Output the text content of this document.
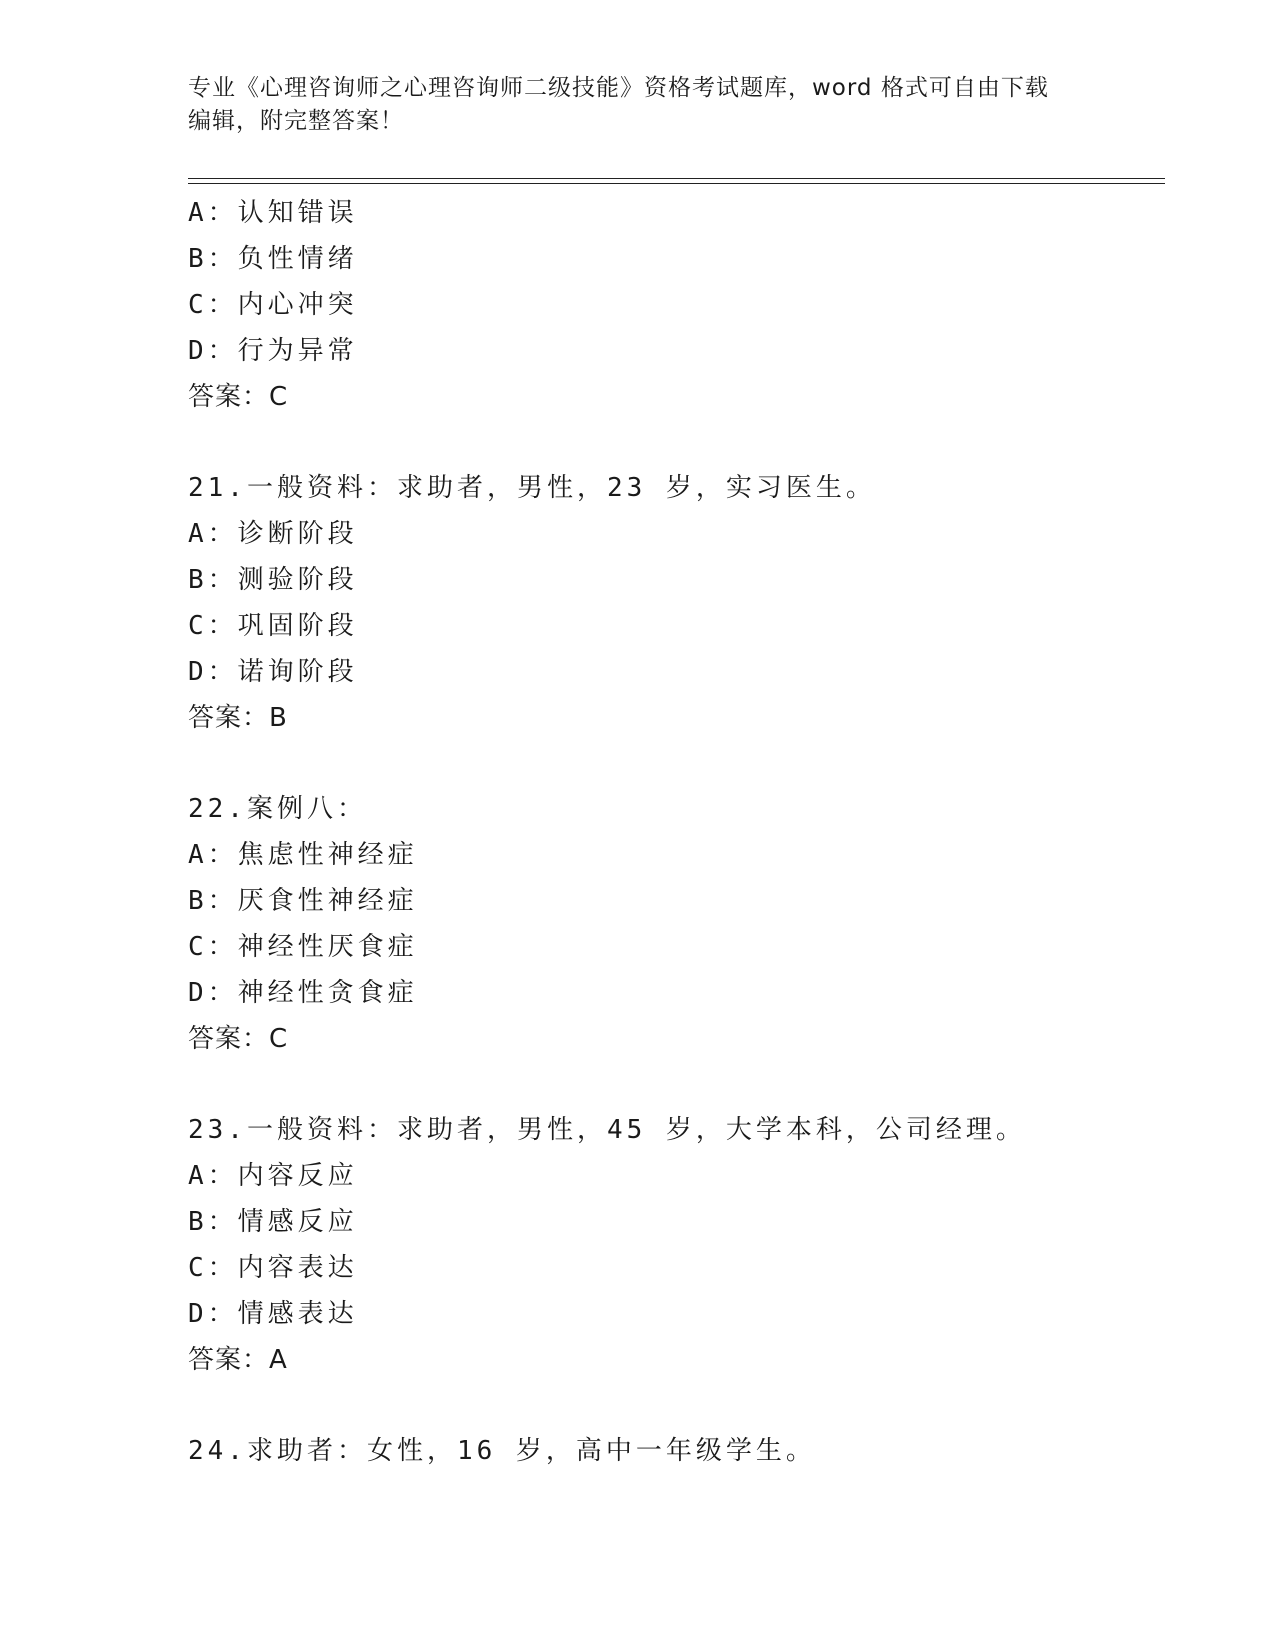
专业《心理咨询师之心理咨询师二级技能》资格考试题库，word 格式可自由下载
编辑，附完整答案！
A：认知错误
B：负性情绪
C：内心冲突
D：行为异常
答案：C
21.一般资料：求助者，男性，23 岁，实习医生。
A：诊断阶段
B：测验阶段
C：巩固阶段
D：诺询阶段
答案：B
22.案例八：
A：焦虑性神经症
B：厌食性神经症
C：神经性厌食症
D：神经性贪食症
答案：C
23.一般资料：求助者，男性，45 岁，大学本科，公司经理。
A：内容反应
B：情感反应
C：内容表达
D：情感表达
答案：A
24.求助者：女性，16 岁，高中一年级学生。
